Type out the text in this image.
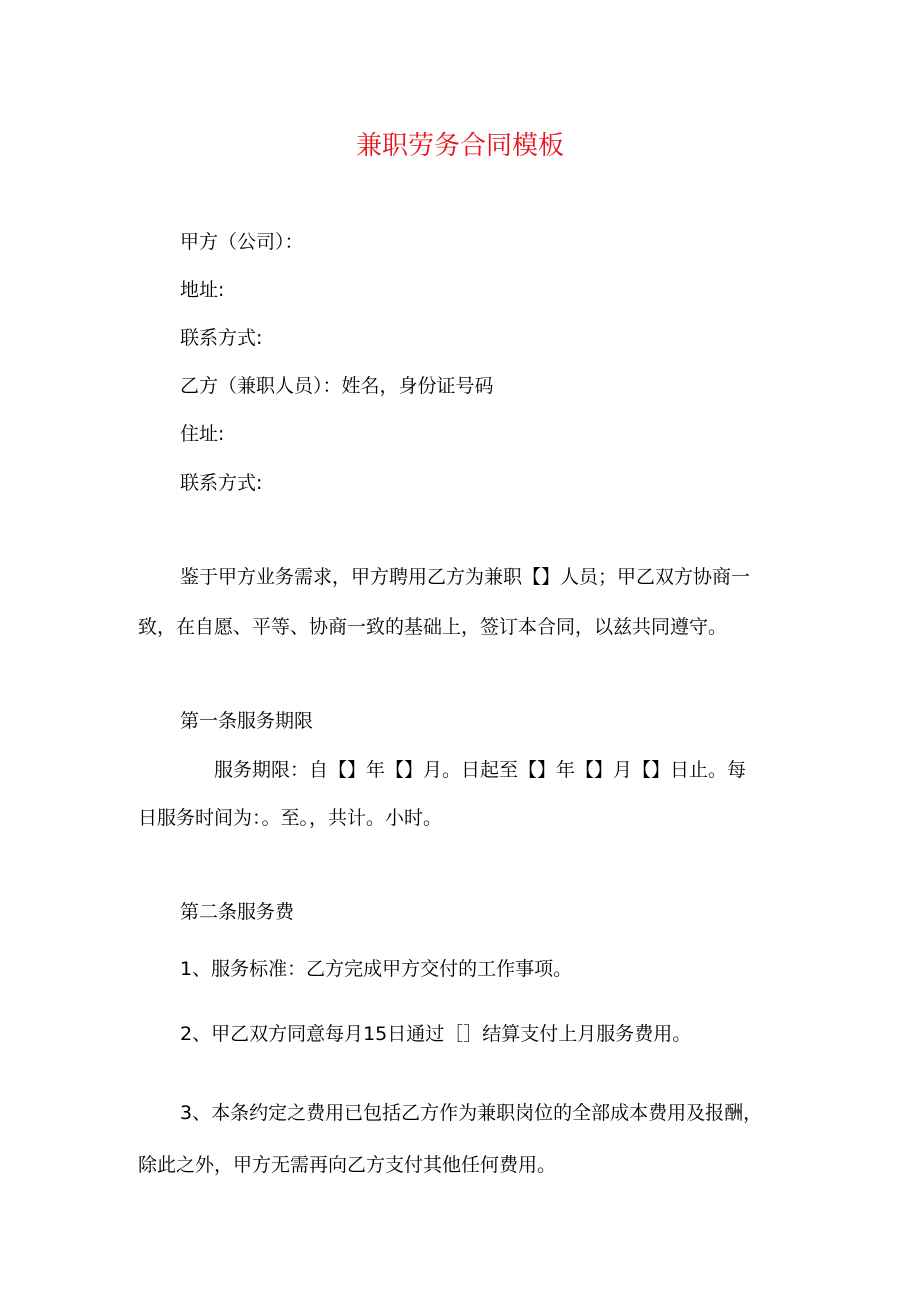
兼职劳务合同模板
甲方（公司）：
地址:
联系方式:
乙方（兼职人员）：姓名，身份证号码
住址:
联系方式:
鉴于甲方业务需求，甲方聘用乙方为兼职【】人员；甲乙双方协商一
致，在自愿、平等、协商一致的基础上，签订本合同，以兹共同遵守。
第一条服务期限
服务期限：自【】年【】月。日起至【】年【】月【】日止。每
日服务时间为：。至。，共计。小时。
第二条服务费
1、服务标准：乙方完成甲方交付的工作事项。
2、甲乙双方同意每月15日通过［］结算支付上月服务费用。
3、本条约定之费用已包括乙方作为兼职岗位的全部成本费用及报酬，
除此之外，甲方无需再向乙方支付其他任何费用。
